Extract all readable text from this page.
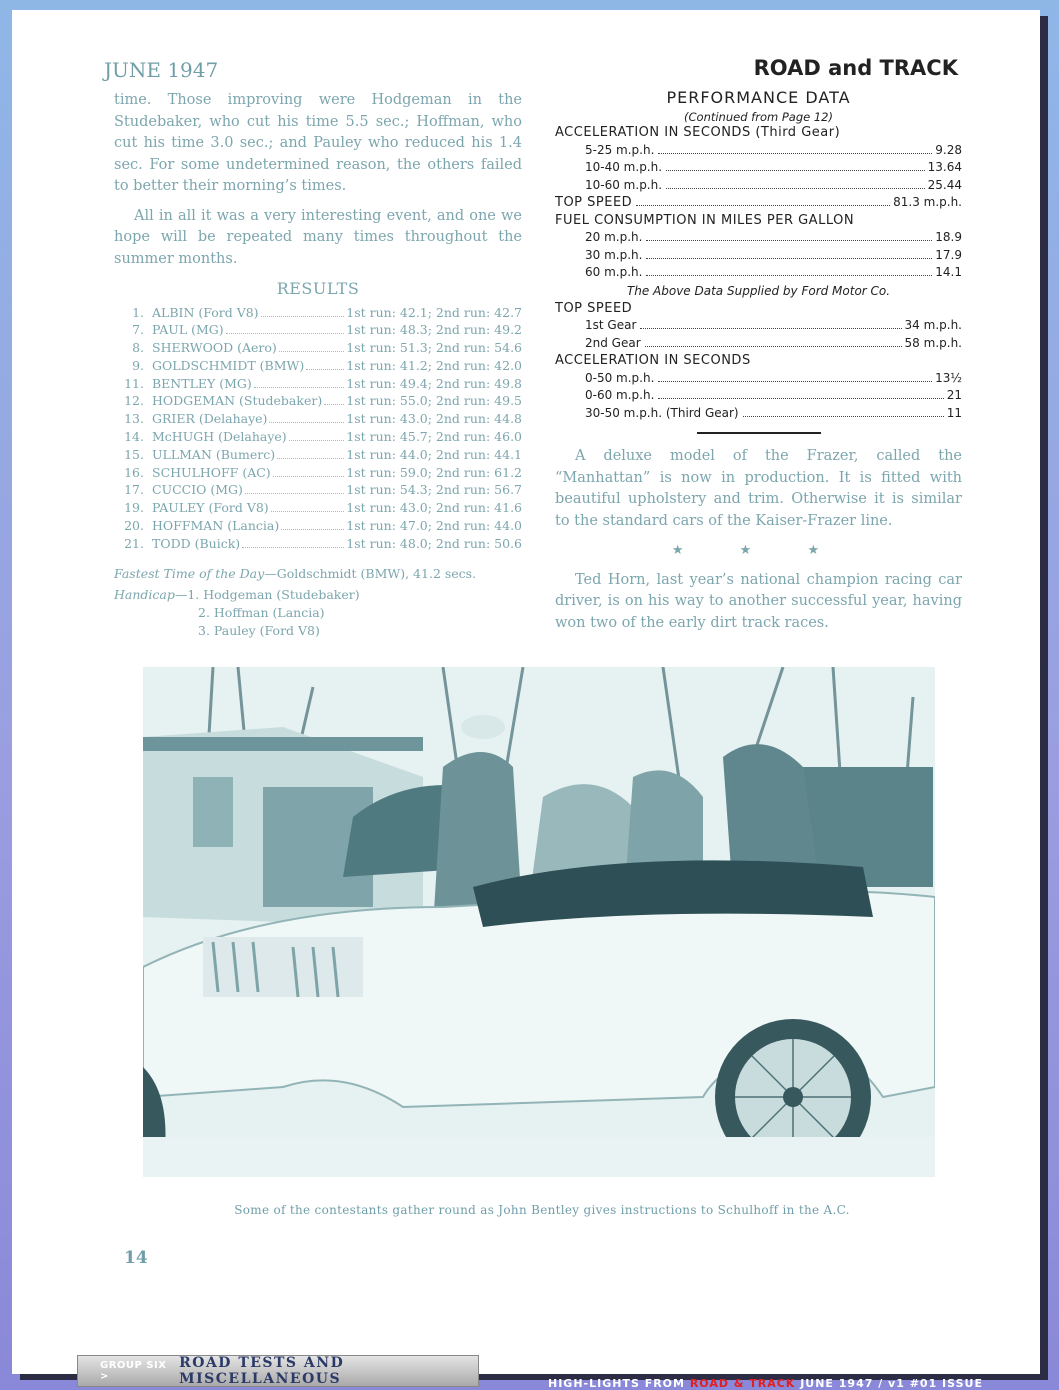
JUNE 1947	ROAD and TRACK

time. Those improving were Hodgeman in the Studebaker, who cut his time 5.5 sec.; Hoffman, who cut his time 3.0 sec.; and Pauley who reduced his 1.4 sec. For some undetermined reason, the others failed to better their morning’s times.

All in all it was a very interesting event, and one we hope will be repeated many times throughout the summer months.

RESULTS
1. ALBIN (Ford V8)	1st run: 42.1; 2nd run: 42.7
7. PAUL (MG)	1st run: 48.3; 2nd run: 49.2
8. SHERWOOD (Aero)	1st run: 51.3; 2nd run: 54.6
9. GOLDSCHMIDT (BMW)	1st run: 41.2; 2nd run: 42.0
11. BENTLEY (MG)	1st run: 49.4; 2nd run: 49.8
12. HODGEMAN (Studebaker) 1st run: 55.0; 2nd run: 49.5
13. GRIER (Delahaye)	1st run: 43.0; 2nd run: 44.8
14. McHUGH (Delahaye)	1st run: 45.7; 2nd run: 46.0
15. ULLMAN (Bumerc)	1st run: 44.0; 2nd run: 44.1
16. SCHULHOFF (AC)	1st run: 59.0; 2nd run: 61.2
17. CUCCIO (MG)	1st run: 54.3; 2nd run: 56.7
19. PAULEY (Ford V8)	1st run: 43.0; 2nd run: 41.6
20. HOFFMAN (Lancia)	1st run: 47.0; 2nd run: 44.0
21. TODD (Buick)	1st run: 48.0; 2nd run: 50.6
Fastest Time of the Day—Goldschmidt (BMW), 41.2 secs.
Handicap—1. Hodgeman (Studebaker)
2. Hoffman (Lancia)
3. Pauley (Ford V8)
PERFORMANCE DATA
(Continued from Page 12)
ACCELERATION IN SECONDS (Third Gear)
5-25 m.p.h.	9.28
10-40 m.p.h.	13.64
10-60 m.p.h.	25.44
TOP SPEED	81.3 m.p.h.
FUEL CONSUMPTION IN MILES PER GALLON
20 m.p.h.	18.9
30 m.p.h.	17.9
60 m.p.h.	14.1
The Above Data Supplied by Ford Motor Co.
TOP SPEED
1st Gear	34 m.p.h.
2nd Gear	58 m.p.h.
ACCELERATION IN SECONDS
0-50 m.p.h.	13½
0-60 m.p.h.	21
30-50 m.p.h. (Third Gear)	11

A deluxe model of the Frazer, called the “Manhattan” is now in production. It is fitted with beautiful upholstery and trim. Otherwise it is similar to the standard cars of the Kaiser-Frazer line.

★ ★ ★

Ted Horn, last year’s national champion racing car driver, is on his way to another successful year, having won two of the early dirt track races.

Some of the contestants gather round as John Bentley gives instructions to Schulhoff in the A.C.
14
GROUP SIX >
ROAD TESTS AND MISCELLANEOUS	HIGH-LIGHTS FROM ROAD & TRACK JUNE 1947 / v1 #01 ISSUE
